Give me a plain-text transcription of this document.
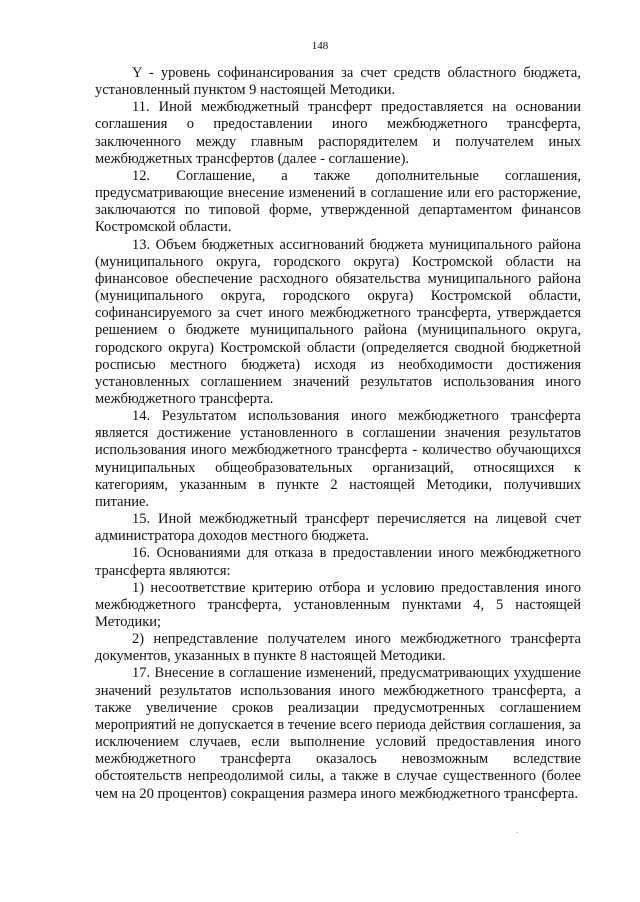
148

Y - уровень софинансирования за счет средств областного бюджета, установленный пунктом 9 настоящей Методики.

11. Иной межбюджетный трансферт предоставляется на основании соглашения о предоставлении иного межбюджетного трансферта, заключенного между главным распорядителем и получателем иных межбюджетных трансфертов (далее - соглашение).

12. Соглашение, а также дополнительные соглашения, предусматривающие внесение изменений в соглашение или его расторжение, заключаются по типовой форме, утвержденной департаментом финансов Костромской области.

13. Объем бюджетных ассигнований бюджета муниципального района (муниципального округа, городского округа) Костромской области на финансовое обеспечение расходного обязательства муниципального района (муниципального округа, городского округа) Костромской области, софинансируемого за счет иного межбюджетного трансферта, утверждается решением о бюджете муниципального района (муниципального округа, городского округа) Костромской области (определяется сводной бюджетной росписью местного бюджета) исходя из необходимости достижения установленных соглашением значений результатов использования иного межбюджетного трансферта.

14. Результатом использования иного межбюджетного трансферта является достижение установленного в соглашении значения результатов использования иного межбюджетного трансферта - количество обучающихся муниципальных общеобразовательных организаций, относящихся к категориям, указанным в пункте 2 настоящей Методики, получивших питание.

15. Иной межбюджетный трансферт перечисляется на лицевой счет администратора доходов местного бюджета.

16. Основаниями для отказа в предоставлении иного межбюджетного трансферта являются:

1) несоответствие критерию отбора и условию предоставления иного межбюджетного трансферта, установленным пунктами 4, 5 настоящей Методики;

2) непредставление получателем иного межбюджетного трансферта документов, указанных в пункте 8 настоящей Методики.

17. Внесение в соглашение изменений, предусматривающих ухудшение значений результатов использования иного межбюджетного трансферта, а также увеличение сроков реализации предусмотренных соглашением мероприятий не допускается в течение всего периода действия соглашения, за исключением случаев, если выполнение условий предоставления иного межбюджетного трансферта оказалось невозможным вследствие обстоятельств непреодолимой силы, а также в случае существенного (более чем на 20 процентов) сокращения размера иного межбюджетного трансферта.
